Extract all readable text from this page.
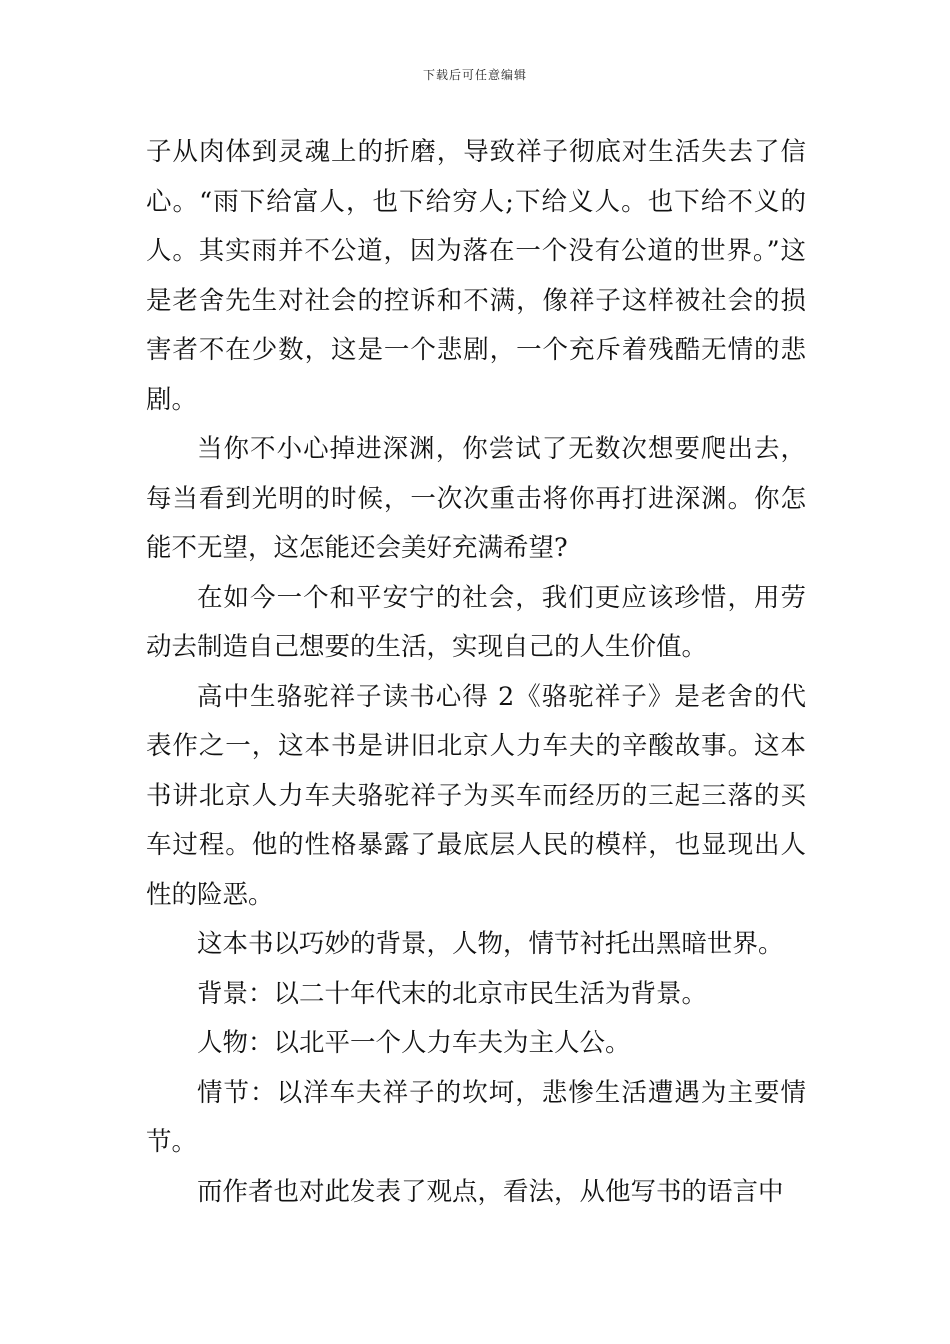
下载后可任意编辑

子从肉体到灵魂上的折磨，导致祥子彻底对生活失去了信心。“雨下给富人，也下给穷人;下给义人。也下给不义的人。其实雨并不公道，因为落在一个没有公道的世界。”这是老舍先生对社会的控诉和不满，像祥子这样被社会的损害者不在少数，这是一个悲剧，一个充斥着残酷无情的悲剧。

当你不小心掉进深渊，你尝试了无数次想要爬出去，每当看到光明的时候，一次次重击将你再打进深渊。你怎能不无望，这怎能还会美好充满希望?

在如今一个和平安宁的社会，我们更应该珍惜，用劳动去制造自己想要的生活，实现自己的人生价值。

高中生骆驼祥子读书心得 2《骆驼祥子》是老舍的代表作之一，这本书是讲旧北京人力车夫的辛酸故事。这本书讲北京人力车夫骆驼祥子为买车而经历的三起三落的买车过程。他的性格暴露了最底层人民的模样，也显现出人性的险恶。

这本书以巧妙的背景，人物，情节衬托出黑暗世界。

背景：以二十年代末的北京市民生活为背景。

人物：以北平一个人力车夫为主人公。

情节：以洋车夫祥子的坎坷，悲惨生活遭遇为主要情节。

而作者也对此发表了观点，看法，从他写书的语言中
